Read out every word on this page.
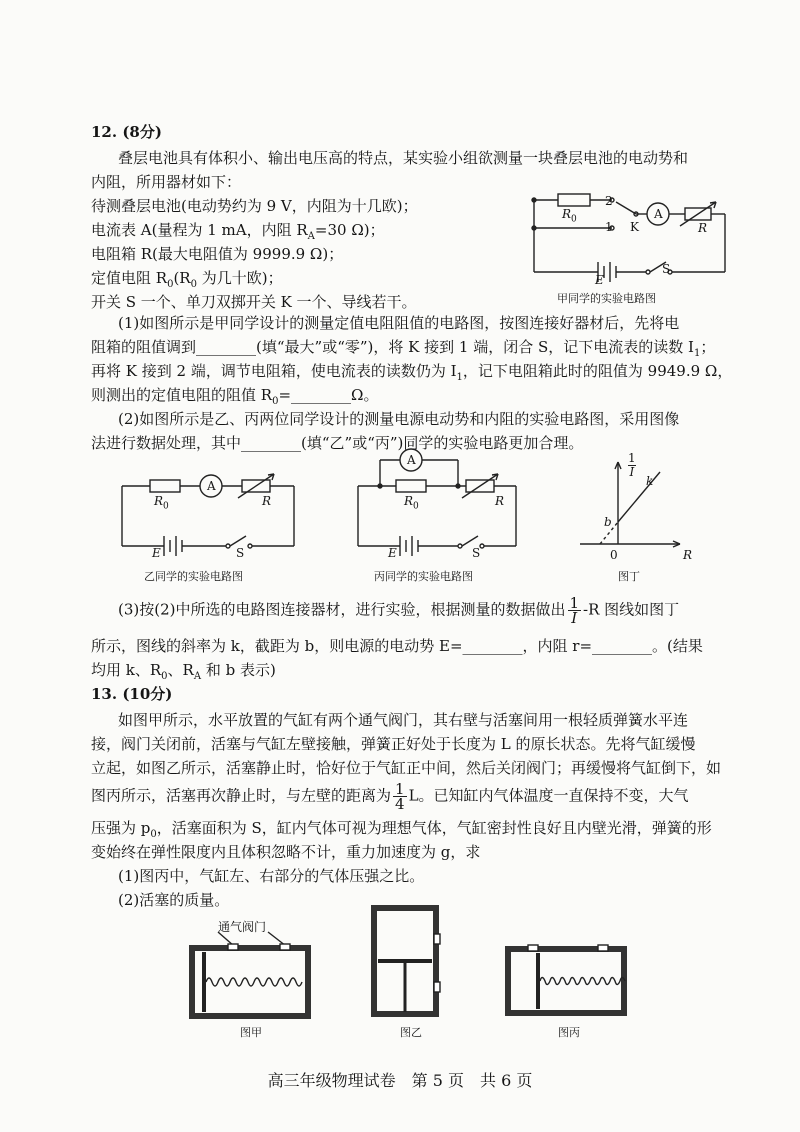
12. (8分)
叠层电池具有体积小、输出电压高的特点，某实验小组欲测量一块叠层电池的电动势和
内阻，所用器材如下：
待测叠层电池(电动势约为 9 V，内阻为十几欧)；
电流表 A(量程为 1 mA，内阻 $R_A=30$ Ω)；
电阻箱 R(最大电阻值为 9999.9 Ω)；
定值电阻 $R_0(R_0$ 为几十欧)；
开关 S 一个、单刀双掷开关 K 一个、导线若干。
$R_0$
2
1 K
A
R
E
S
甲同学的实验电路图
(1)如图所示是甲同学设计的测量定值电阻阻值的电路图，按图连接好器材后，先将电
阻箱的阻值调到________(填“最大”或“零”)，将 K 接到 1 端，闭合 S，记下电流表的读数 $I_1$；
再将 K 接到 2 端，调节电阻箱，使电流表的读数仍为 $I_1$，记下电阻箱此时的阻值为 9949.9 Ω，
则测出的定值电阻的阻值 $R_0=\_\_\_\_\_\_\_\_\Omega$。
(2)如图所示是乙、丙两位同学设计的测量电源电动势和内阻的实验电路图，采用图像
法进行数据处理，其中________(填“乙”或“丙”)同学的实验电路更加合理。
$R_0$
A
R
E	S
乙同学的实验电路图
A
$R_0$	R
E	S
丙同学的实验电路图
1
I
k
b
0	R
图丁
(3)按(2)中所选的电路图连接器材，进行实验，根据测量的数据做出 $\frac{1}{I} -R$ 图线如图丁
所示，图线的斜率为 k，截距为 b，则电源的电动势 E=________，内阻 r=________。(结果
均用 k、$R_0$、$R_A$ 和 b 表示)
13. (10分)
如图甲所示，水平放置的气缸有两个通气阀门，其右壁与活塞间用一根轻质弹簧水平连
接，阀门关闭前，活塞与气缸左壁接触，弹簧正好处于长度为 L 的原长状态。先将气缸缓慢
立起，如图乙所示，活塞静止时，恰好位于气缸正中间，然后关闭阀门；再缓慢将气缸倒下，如
图丙所示，活塞再次静止时，与左壁的距离为 $\frac{1}{4}$ L。已知缸内气体温度一直保持不变，大气
压强为 $p_0$，活塞面积为 S，缸内气体可视为理想气体，气缸密封性良好且内壁光滑，弹簧的形
变始终在弹性限度内且体积忽略不计，重力加速度为 g，求
(1)图丙中，气缸左、右部分的气体压强之比。
(2)活塞的质量。
通气阀门
图甲	图乙	图丙
高三年级物理试卷　第 5 页　共 6 页
